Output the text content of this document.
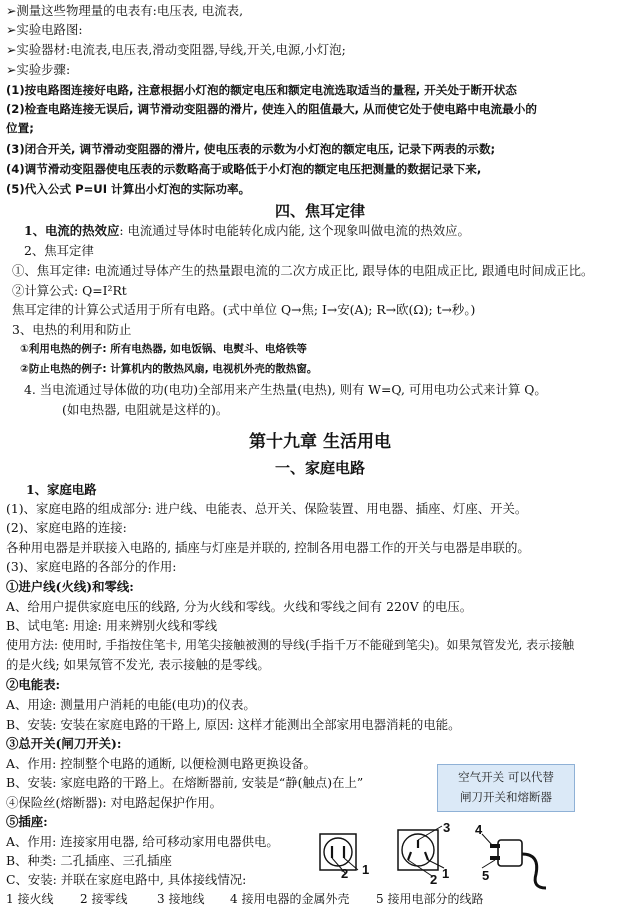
➢测量这些物理量的电表有:电压表, 电流表,
➢实验电路图:
➢实验器材:电流表,电压表,滑动变阻器,导线,开关,电源,小灯泡;
➢实验步骤:
(1)按电路图连接好电路, 注意根据小灯泡的额定电压和额定电流选取适当的量程, 开关处于断开状态
(2)检查电路连接无误后, 调节滑动变阻器的滑片, 使连入的阻值最大, 从而使它处于使电路中电流最小的
位置;
(3)闭合开关, 调节滑动变阻器的滑片, 使电压表的示数为小灯泡的额定电压, 记录下两表的示数;
(4)调节滑动变阻器使电压表的示数略高于或略低于小灯泡的额定电压把测量的数据记录下来,
(5)代入公式 P=UI 计算出小灯泡的实际功率。
四、焦耳定律
1、电流的热效应: 电流通过导体时电能转化成内能, 这个现象叫做电流的热效应。
2、焦耳定律
①、焦耳定律: 电流通过导体产生的热量跟电流的二次方成正比, 跟导体的电阻成正比, 跟通电时间成正比。
②计算公式: Q=I²Rt
焦耳定律的计算公式适用于所有电路。(式中单位 Q→焦; I→安(A); R→欧(Ω); t→秒。)
3、电热的利用和防止
①利用电热的例子: 所有电热器, 如电饭锅、电熨斗、电烙铁等
②防止电热的例子: 计算机内的散热风扇, 电视机外壳的散热窗。
4. 当电流通过导体做的功(电功)全部用来产生热量(电热), 则有 W=Q, 可用电功公式来计算 Q。
(如电热器, 电阻就是这样的)。
第十九章 生活用电
一、家庭电路
1、家庭电路
(1)、家庭电路的组成部分: 进户线、电能表、总开关、保险装置、用电器、插座、灯座、开关。
(2)、家庭电路的连接:
各种用电器是并联接入电路的, 插座与灯座是并联的, 控制各用电器工作的开关与电器是串联的。
(3)、家庭电路的各部分的作用:
①进户线(火线)和零线:
A、给用户提供家庭电压的线路, 分为火线和零线。火线和零线之间有 220V 的电压。
B、试电笔: 用途: 用来辨别火线和零线
使用方法: 使用时, 手指按住笔卡, 用笔尖接触被测的导线(手指千万不能碰到笔尖)。如果氖管发光, 表示接触
的是火线; 如果氖管不发光, 表示接触的是零线。
②电能表:
A、用途: 测量用户消耗的电能(电功)的仪表。
B、安装: 安装在家庭电路的干路上, 原因: 这样才能测出全部家用电器消耗的电能。
③总开关(闸刀开关):
A、作用: 控制整个电路的通断, 以便检测电路更换设备。
B、安装: 家庭电路的干路上。在熔断器前, 安装是“静(触点)在上”
④保险丝(熔断器): 对电路起保护作用。
⑤插座:
A、作用: 连接家用电器, 给可移动家用电器供电。
B、种类: 二孔插座、三孔插座
C、安装: 并联在家庭电路中, 具体接线情况:
空气开关 可以代替
闸刀开关和熔断器
1
2	1
2
3 4
5
1 接火线 2 接零线 3 接地线 4 接用电器的金属外壳 5 接用电部分的线路
